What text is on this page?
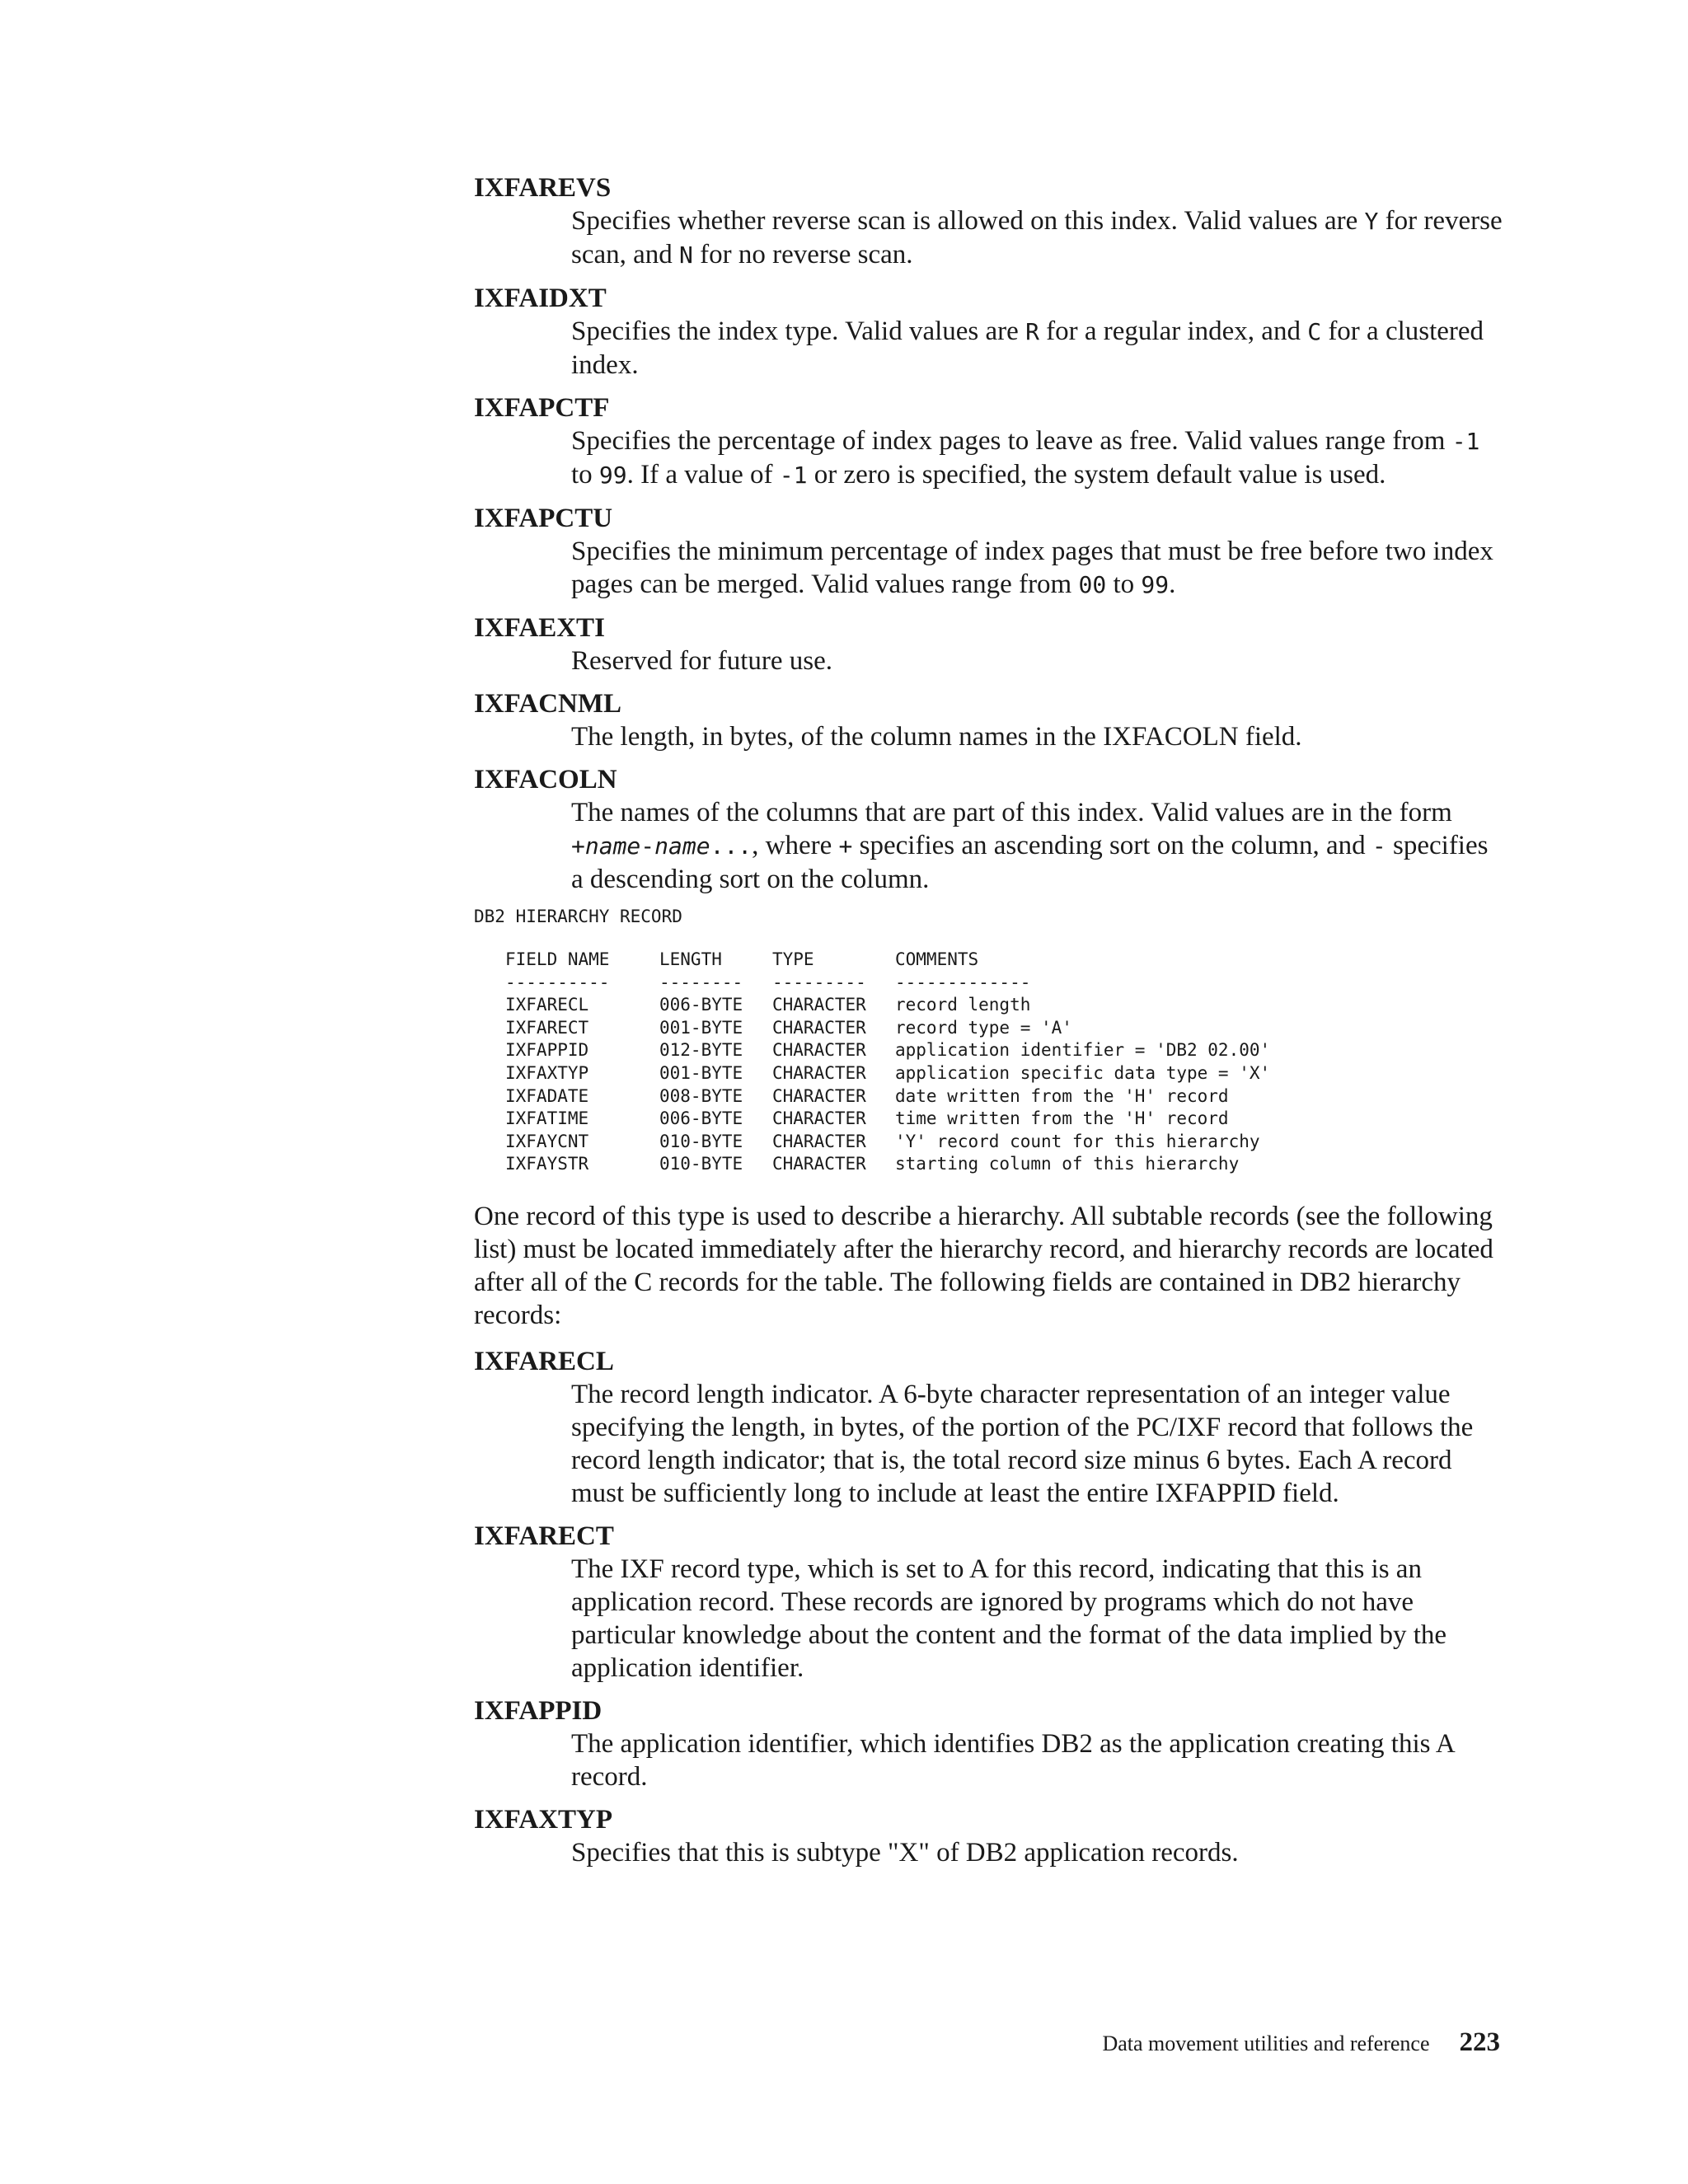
IXFAREVS
Specifies whether reverse scan is allowed on this index. Valid values are Y for reverse scan, and N for no reverse scan.
IXFAIDXT
Specifies the index type. Valid values are R for a regular index, and C for a clustered index.
IXFAPCTF
Specifies the percentage of index pages to leave as free. Valid values range from -1 to 99. If a value of -1 or zero is specified, the system default value is used.
IXFAPCTU
Specifies the minimum percentage of index pages that must be free before two index pages can be merged. Valid values range from 00 to 99.
IXFAEXTI
Reserved for future use.
IXFACNML
The length, in bytes, of the column names in the IXFACOLN field.
IXFACOLN
The names of the columns that are part of this index. Valid values are in the form +name-name..., where + specifies an ascending sort on the column, and - specifies a descending sort on the column.
DB2 HIERARCHY RECORD
FIELD NAME	LENGTH	TYPE	COMMENTS
----------	--------	---------	-------------
IXFARECL	006-BYTE	CHARACTER	record length
IXFARECT	001-BYTE	CHARACTER	record type = 'A'
IXFAPPID	012-BYTE	CHARACTER	application identifier = 'DB2 02.00'
IXFAXTYP	001-BYTE	CHARACTER	application specific data type = 'X'
IXFADATE	008-BYTE	CHARACTER	date written from the 'H' record
IXFATIME	006-BYTE	CHARACTER	time written from the 'H' record
IXFAYCNT	010-BYTE	CHARACTER	'Y' record count for this hierarchy
IXFAYSTR	010-BYTE	CHARACTER	starting column of this hierarchy
One record of this type is used to describe a hierarchy. All subtable records (see the following list) must be located immediately after the hierarchy record, and hierarchy records are located after all of the C records for the table. The following fields are contained in DB2 hierarchy records:
IXFARECL
The record length indicator. A 6-byte character representation of an integer value specifying the length, in bytes, of the portion of the PC/IXF record that follows the record length indicator; that is, the total record size minus 6 bytes. Each A record must be sufficiently long to include at least the entire IXFAPPID field.
IXFARECT
The IXF record type, which is set to A for this record, indicating that this is an application record. These records are ignored by programs which do not have particular knowledge about the content and the format of the data implied by the application identifier.
IXFAPPID
The application identifier, which identifies DB2 as the application creating this A record.
IXFAXTYP
Specifies that this is subtype "X" of DB2 application records.
Data movement utilities and reference 223
